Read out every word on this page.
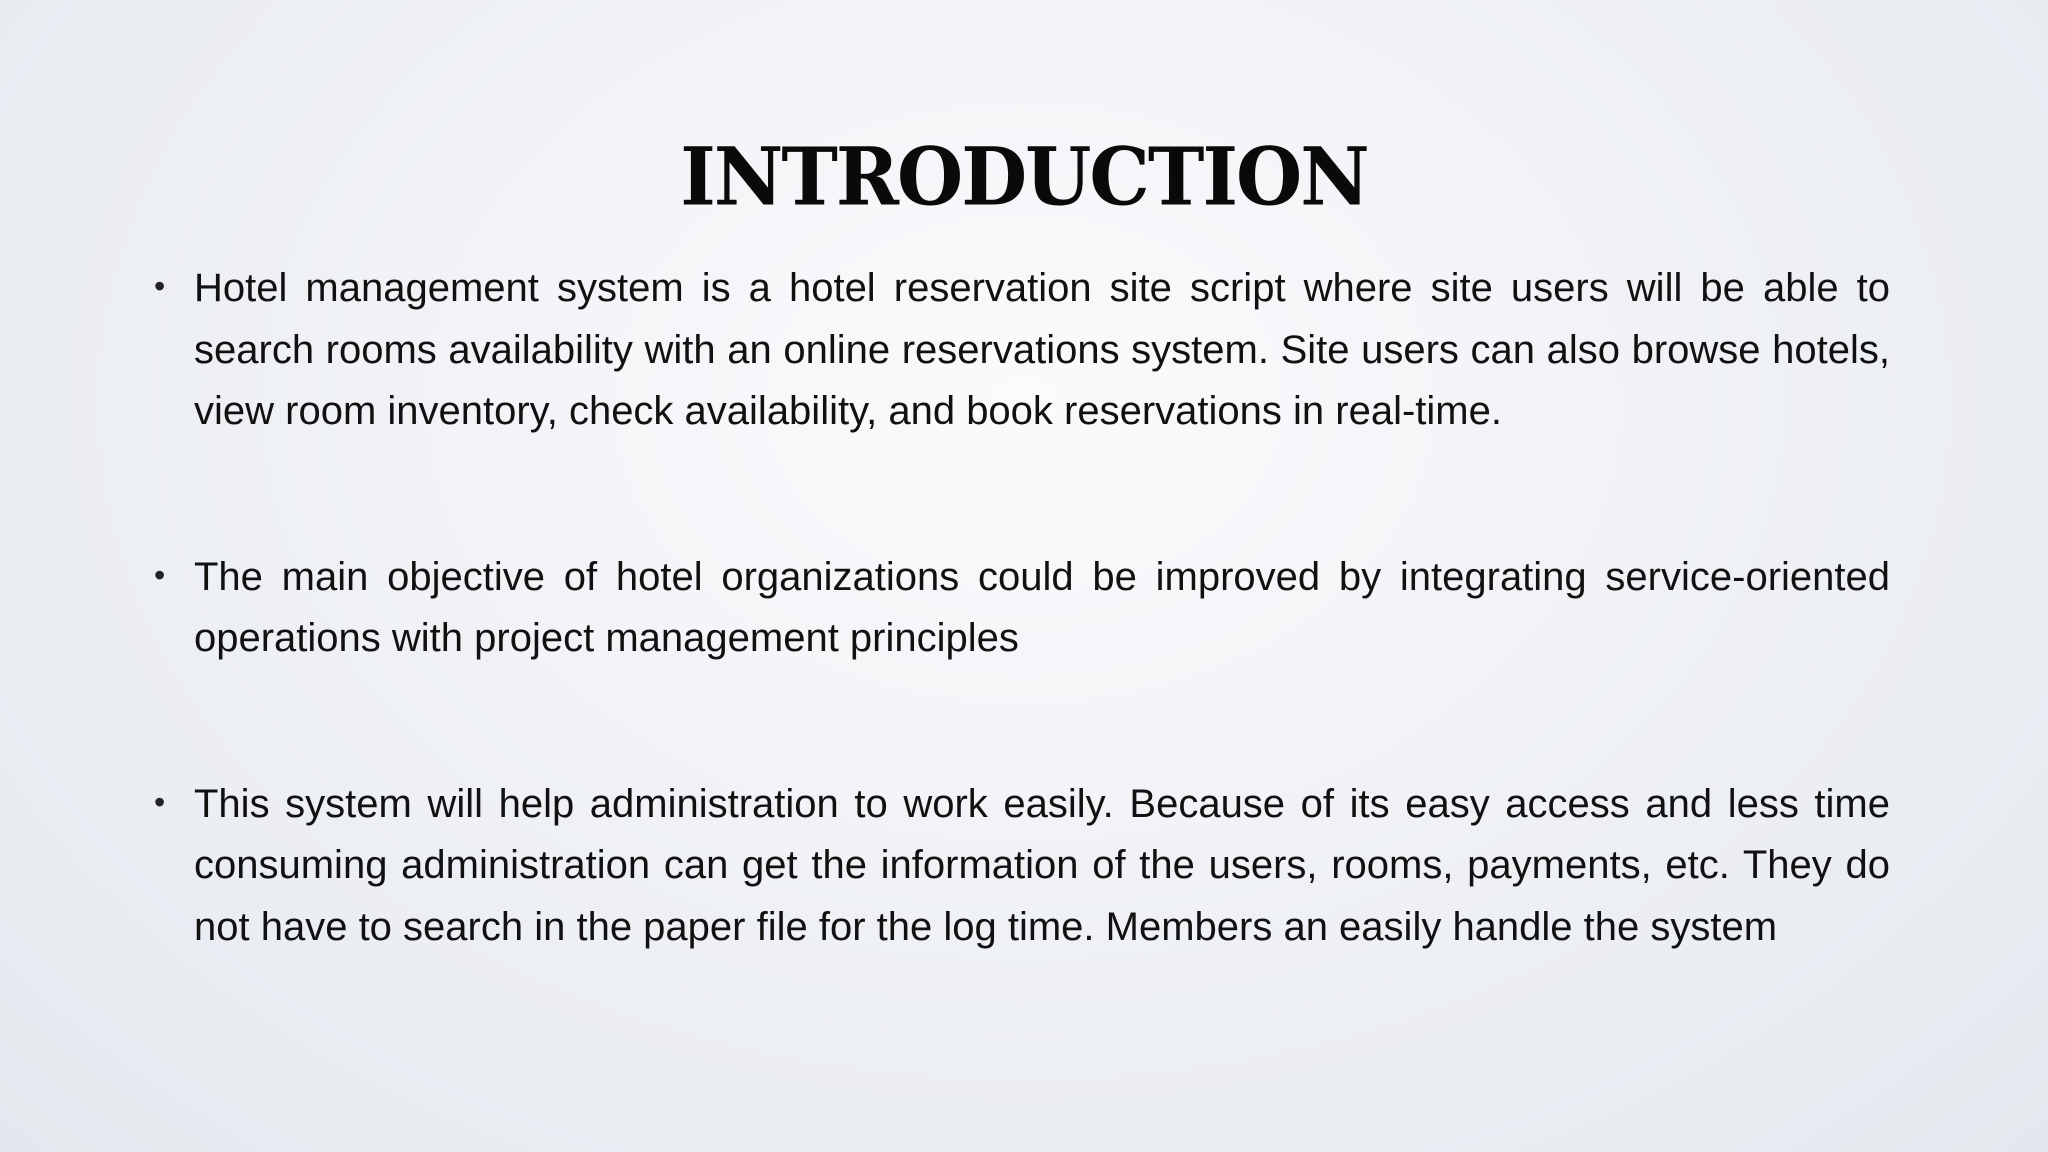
INTRODUCTION
• Hotel management system is a hotel reservation site script where site users will be able to search rooms availability with an online reservations system. Site users can also browse hotels, view room inventory, check availability, and book reservations in real-time.
• The main objective of hotel organizations could be improved by integrating service-oriented operations with project management principles
• This system will help administration to work easily. Because of its easy access and less time consuming administration can get the information of the users, rooms, payments, etc. They do not have to search in the paper file for the log time. Members an easily handle the system
